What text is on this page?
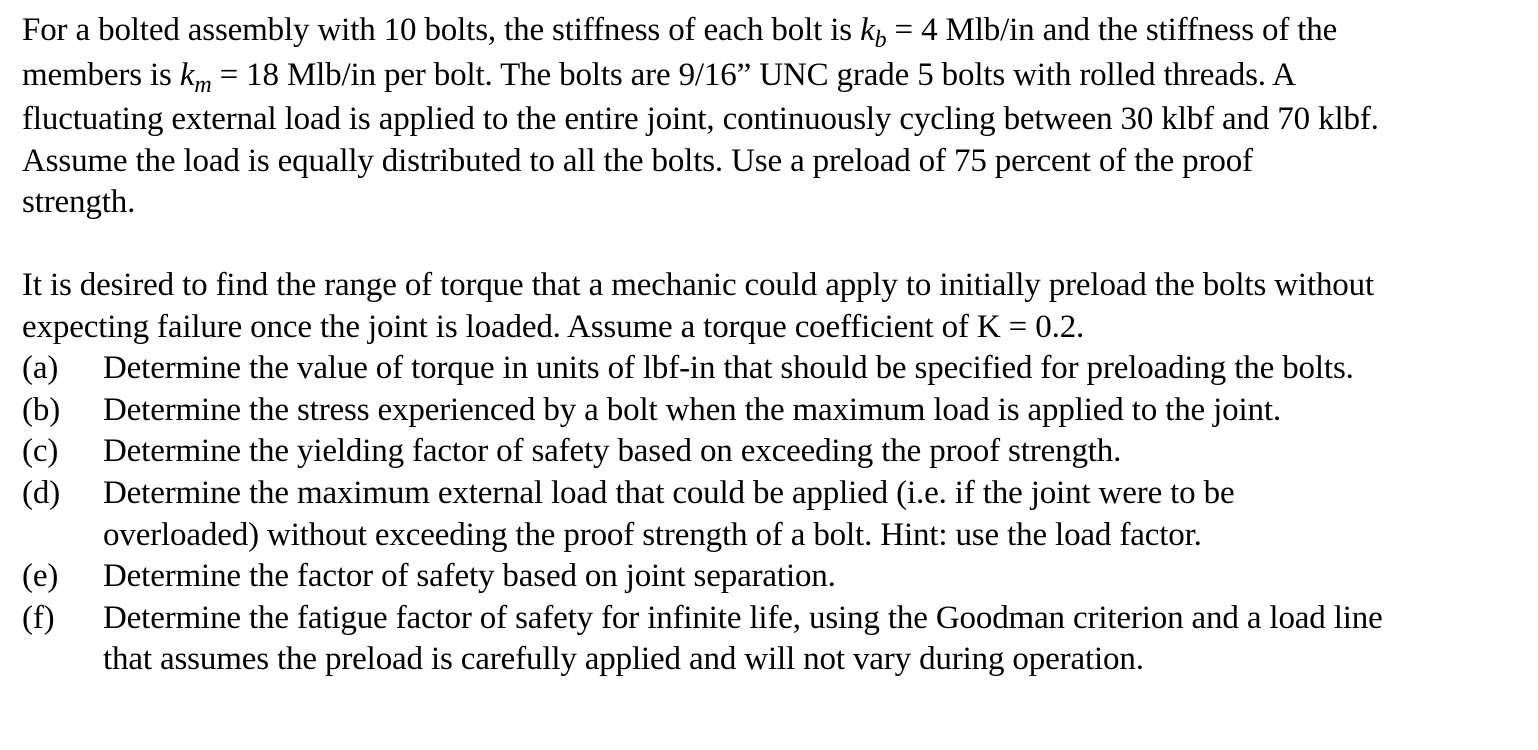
For a bolted assembly with 10 bolts, the stiffness of each bolt is $k_b = 4$ Mlb/in and the stiffness of the
members is $k_m = 18$ Mlb/in per bolt. The bolts are 9/16” UNC grade 5 bolts with rolled threads. A
fluctuating external load is applied to the entire joint, continuously cycling between 30 klbf and 70 klbf.
Assume the load is equally distributed to all the bolts. Use a preload of 75 percent of the proof
strength.

It is desired to find the range of torque that a mechanic could apply to initially preload the bolts without
expecting failure once the joint is loaded. Assume a torque coefficient of K = 0.2.

(a) Determine the value of torque in units of lbf-in that should be specified for preloading the bolts.
(b) Determine the stress experienced by a bolt when the maximum load is applied to the joint.
(c) Determine the yielding factor of safety based on exceeding the proof strength.
(d) Determine the maximum external load that could be applied (i.e. if the joint were to be
overloaded) without exceeding the proof strength of a bolt. Hint: use the load factor.
(e) Determine the factor of safety based on joint separation.
(f) Determine the fatigue factor of safety for infinite life, using the Goodman criterion and a load line
that assumes the preload is carefully applied and will not vary during operation.
